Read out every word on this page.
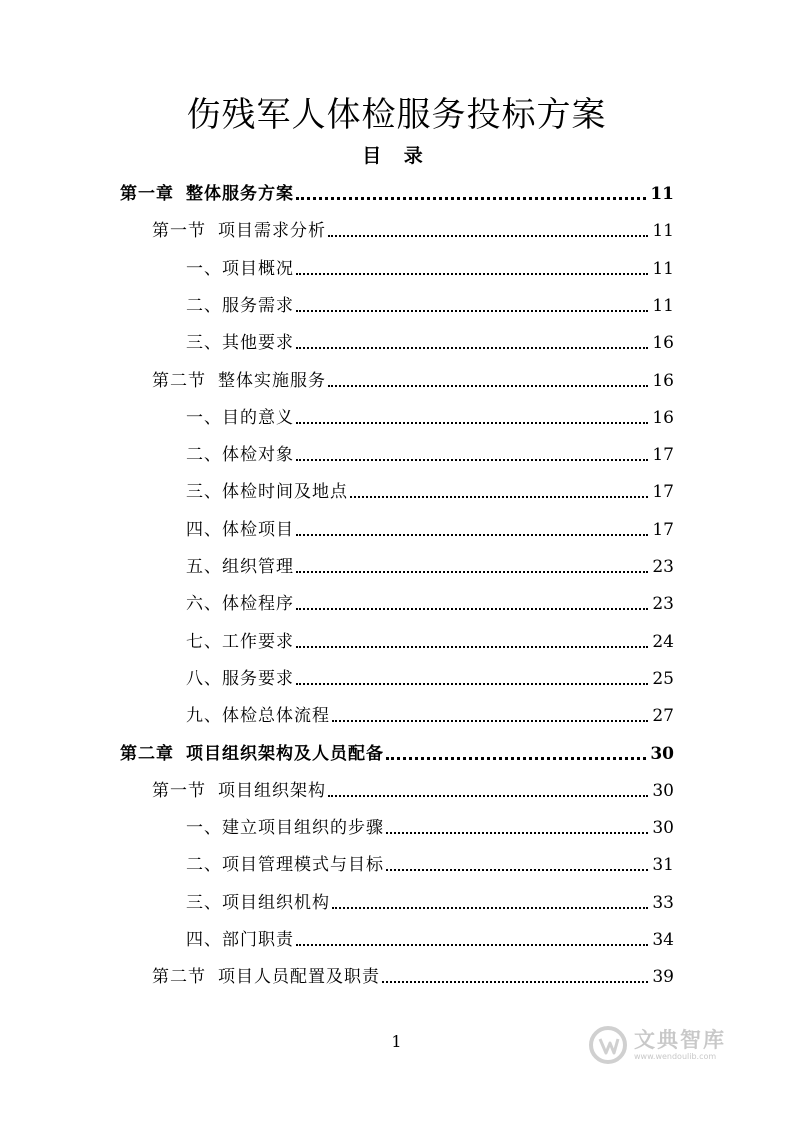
伤残军人体检服务投标方案
目 录
第一章 整体服务方案	11
第一节 项目需求分析	11
一、项目概况	11
二、服务需求	11
三、其他要求	16
第二节 整体实施服务	16
一、目的意义	16
二、体检对象	17
三、体检时间及地点	17
四、体检项目	17
五、组织管理	23
六、体检程序	23
七、工作要求	24
八、服务要求	25
九、体检总体流程	27
第二章 项目组织架构及人员配备	30
第一节 项目组织架构	30
一、建立项目组织的步骤	30
二、项目管理模式与目标	31
三、项目组织机构	33
四、部门职责	34
第二节 项目人员配置及职责	39
1	文典智库
www.wendoulib.com
